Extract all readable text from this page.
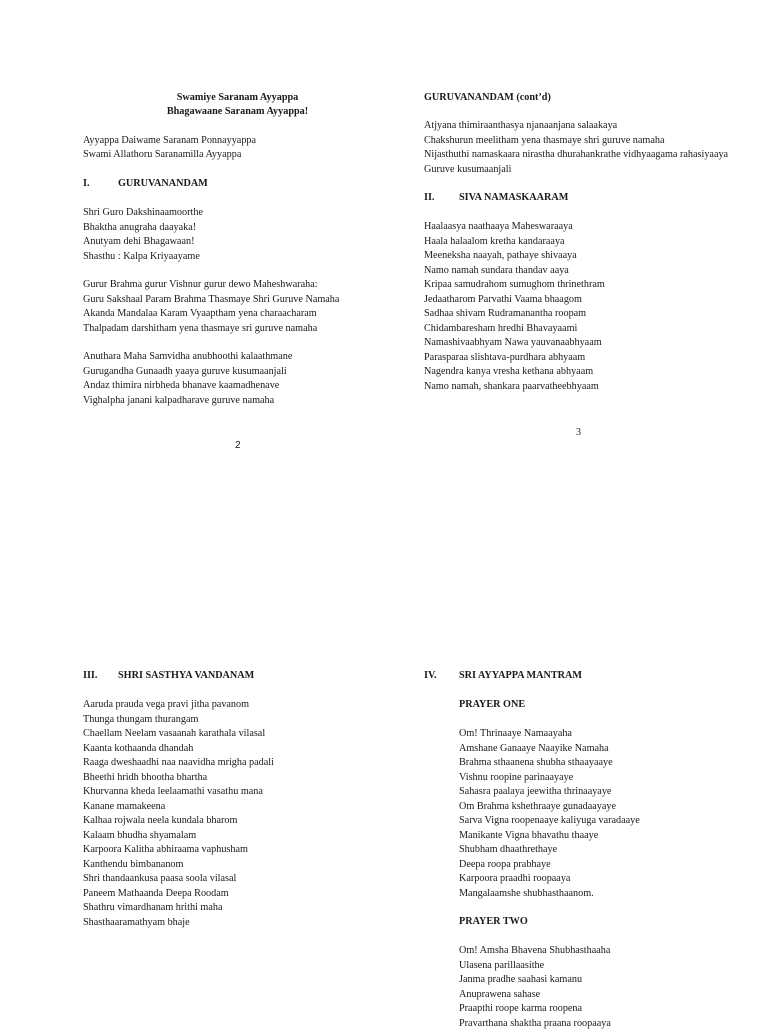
Swamiye Saranam Ayyappa
Bhagawaane Saranam Ayyappa!
Ayyappa Daiwame Saranam Ponnayyappa
Swami Allathoru Saranamilla Ayyappa
I.	GURUVANANDAM
Shri Guro Dakshinaamoorthe
Bhaktha anugraha daayaka!
Anutyam dehi Bhagawaan!
Shasthu : Kalpa Kriyaayame
Gurur Brahma gurur Vishnur gurur dewo Maheshwaraha:
Guru Sakshaal Param Brahma Thasmaye Shri Guruve Namaha
Akanda Mandalaa Karam Vyaaptham yena charaacharam
Thalpadam darshitham yena thasmaye sri guruve namaha
Anuthara Maha Samvidha anubhoothi kalaathmane
Gurugandha Gunaadh yaaya guruve kusumaanjali
Andaz thimira nirbheda bhanave kaamadhenave
Vighalpha janani kalpadharave guruve namaha
2
GURUVANANDAM (cont’d)
Atjyana thimiraanthasya njanaanjana salaakaya
Chakshurun meelitham yena thasmaye shri guruve namaha
Nijasthuthi namaskaara nirastha dhurahankrathe vidhyaagama rahasiyaaya
Guruve kusumaanjali
II. SIVA NAMASKAARAM
Haalaasya naathaaya Maheswaraaya
Haala halaalom kretha kandaraaya
Meeneksha naayah, pathaye shivaaya
Namo namah sundara thandav aaya
Kripaa samudrahom sumughom thrinethram
Jedaatharom Parvathi Vaama bhaagom
Sadhaa shivam Rudramanantha roopam
Chidambaresham hredhi Bhavayaami
Namashivaabhyam Nawa yauvanaabhyaam
Parasparaa slishtava-purdhara abhyaam
Nagendra kanya vresha kethana abhyaam
Namo namah, shankara paarvatheebhyaam
3
III. SHRI SASTHYA VANDANAM
Aaruda prauda vega pravi jitha pavanom
Thunga thungam thurangam
Chaellam Neelam vasaanah karathala vilasal
Kaanta kothaanda dhandah
Raaga dweshaadhi naa naavidha mrigha padali
Bheethi hridh bhootha bhartha
Khurvanna kheda leelaamathi vasathu mana
Kanane mamakeena
Kalhaa rojwala neela kundala bharom
Kalaam bhudha shyamalam
Karpoora Kalitha abhiraama vaphusham
Kanthendu bimbananom
Shri thandaankusa paasa soola vilasal
Paneem Mathaanda Deepa Roodam
Shathru vimardhanam hrithi maha
Shasthaaramathyam bhaje
IV. SRI AYYAPPA MANTRAM
PRAYER ONE
Om! Thrinaaye Namaayaha
Amshane Ganaaye Naayike Namaha
Brahma sthaanena shubha sthaayaaye
Vishnu roopine parinaayaye
Sahasra paalaya jeewitha thrinaayaye
Om Brahma kshethraaye gunadaayaye
Sarva Vigna roopenaaye kaliyuga varadaaye
Manikante Vigna bhavathu thaaye
Shubham dhaathrethaye
Deepa roopa prabhaye
Karpoora praadhi roopaaya
Mangalaamshe shubhasthaanom.
PRAYER TWO
Om! Amsha Bhavena Shubhasthaaha
Ulasena parillaasithe
Janma pradhe saahasi kamanu
Anuprawena sahase
Praapthi roope karma roopena
Pravarthana shaktha praana roopaaya
